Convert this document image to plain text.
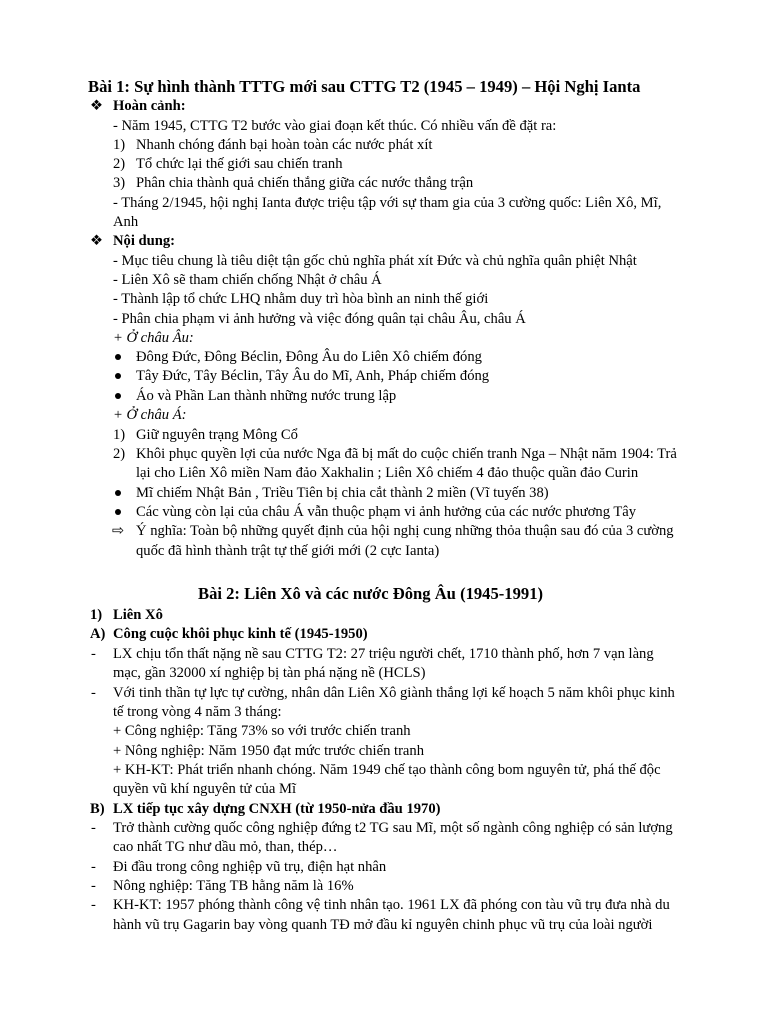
Bài 1: Sự hình thành TTTG mới sau CTTG T2 (1945 – 1949) – Hội Nghị Ianta
❖ Hoàn cảnh:
- Năm 1945, CTTG T2 bước vào giai đoạn kết thúc. Có nhiều vấn đề đặt ra:
1) Nhanh chóng đánh bại hoàn toàn các nước phát xít
2) Tổ chức lại thế giới sau chiến tranh
3) Phân chia thành quả chiến thắng giữa các nước thắng trận
- Tháng 2/1945, hội nghị Ianta được triệu tập với sự tham gia của 3 cường quốc: Liên Xô, Mĩ,
Anh
❖ Nội dung:
- Mục tiêu chung là tiêu diệt tận gốc chủ nghĩa phát xít Đức và chủ nghĩa quân phiệt Nhật
- Liên Xô sẽ tham chiến chống Nhật ở châu Á
- Thành lập tổ chức LHQ nhằm duy trì hòa bình an ninh thế giới
- Phân chia phạm vi ảnh hưởng và việc đóng quân tại châu Âu, châu Á
+ Ở châu Âu:
Đông Đức, Đông Béclin, Đông Âu do Liên Xô chiếm đóng
Tây Đức, Tây Béclin, Tây Âu do Mĩ, Anh, Pháp chiếm đóng
Áo và Phần Lan thành những nước trung lập
+ Ở châu Á:
1) Giữ nguyên trạng Mông Cổ
2) Khôi phục quyền lợi của nước Nga đã bị mất do cuộc chiến tranh Nga – Nhật năm 1904: Trả
lại cho Liên Xô miền Nam đảo Xakhalin ; Liên Xô chiếm 4 đảo thuộc quần đảo Curin
Mĩ chiếm Nhật Bản , Triều Tiên bị chia cắt thành 2 miền (Vĩ tuyến 38)
Các vùng còn lại của châu Á vẫn thuộc phạm vi ảnh hưởng của các nước phương Tây
⇨ Ý nghĩa: Toàn bộ những quyết định của hội nghị cung những thỏa thuận sau đó của 3 cường
quốc đã hình thành trật tự thế giới mới (2 cực Ianta)
Bài 2: Liên Xô và các nước Đông Âu (1945-1991)
1) Liên Xô
A) Công cuộc khôi phục kinh tế (1945-1950)
- LX chịu tổn thất nặng nề sau CTTG T2: 27 triệu người chết, 1710 thành phố, hơn 7 vạn làng
mạc, gần 32000 xí nghiệp bị tàn phá nặng nề (HCLS)
- Với tinh thần tự lực tự cường, nhân dân Liên Xô giành thắng lợi kế hoạch 5 năm khôi phục kinh
tế trong vòng 4 năm 3 tháng:
+ Công nghiệp: Tăng 73% so với trước chiến tranh
+ Nông nghiệp: Năm 1950 đạt mức trước chiến tranh
+ KH-KT: Phát triển nhanh chóng. Năm 1949 chế tạo thành công bom nguyên tử, phá thế độc
quyền vũ khí nguyên tử của Mĩ
B) LX tiếp tục xây dựng CNXH (từ 1950-nửa đầu 1970)
- Trở thành cường quốc công nghiệp đứng t2 TG sau Mĩ, một số ngành công nghiệp có sản lượng
cao nhất TG như dầu mỏ, than, thép…
- Đi đầu trong công nghiệp vũ trụ, điện hạt nhân
- Nông nghiệp: Tăng TB hằng năm là 16%
- KH-KT: 1957 phóng thành công vệ tinh nhân tạo. 1961 LX đã phóng con tàu vũ trụ đưa nhà du
hành vũ trụ Gagarin bay vòng quanh TĐ mở đầu kỉ nguyên chinh phục vũ trụ của loài người
